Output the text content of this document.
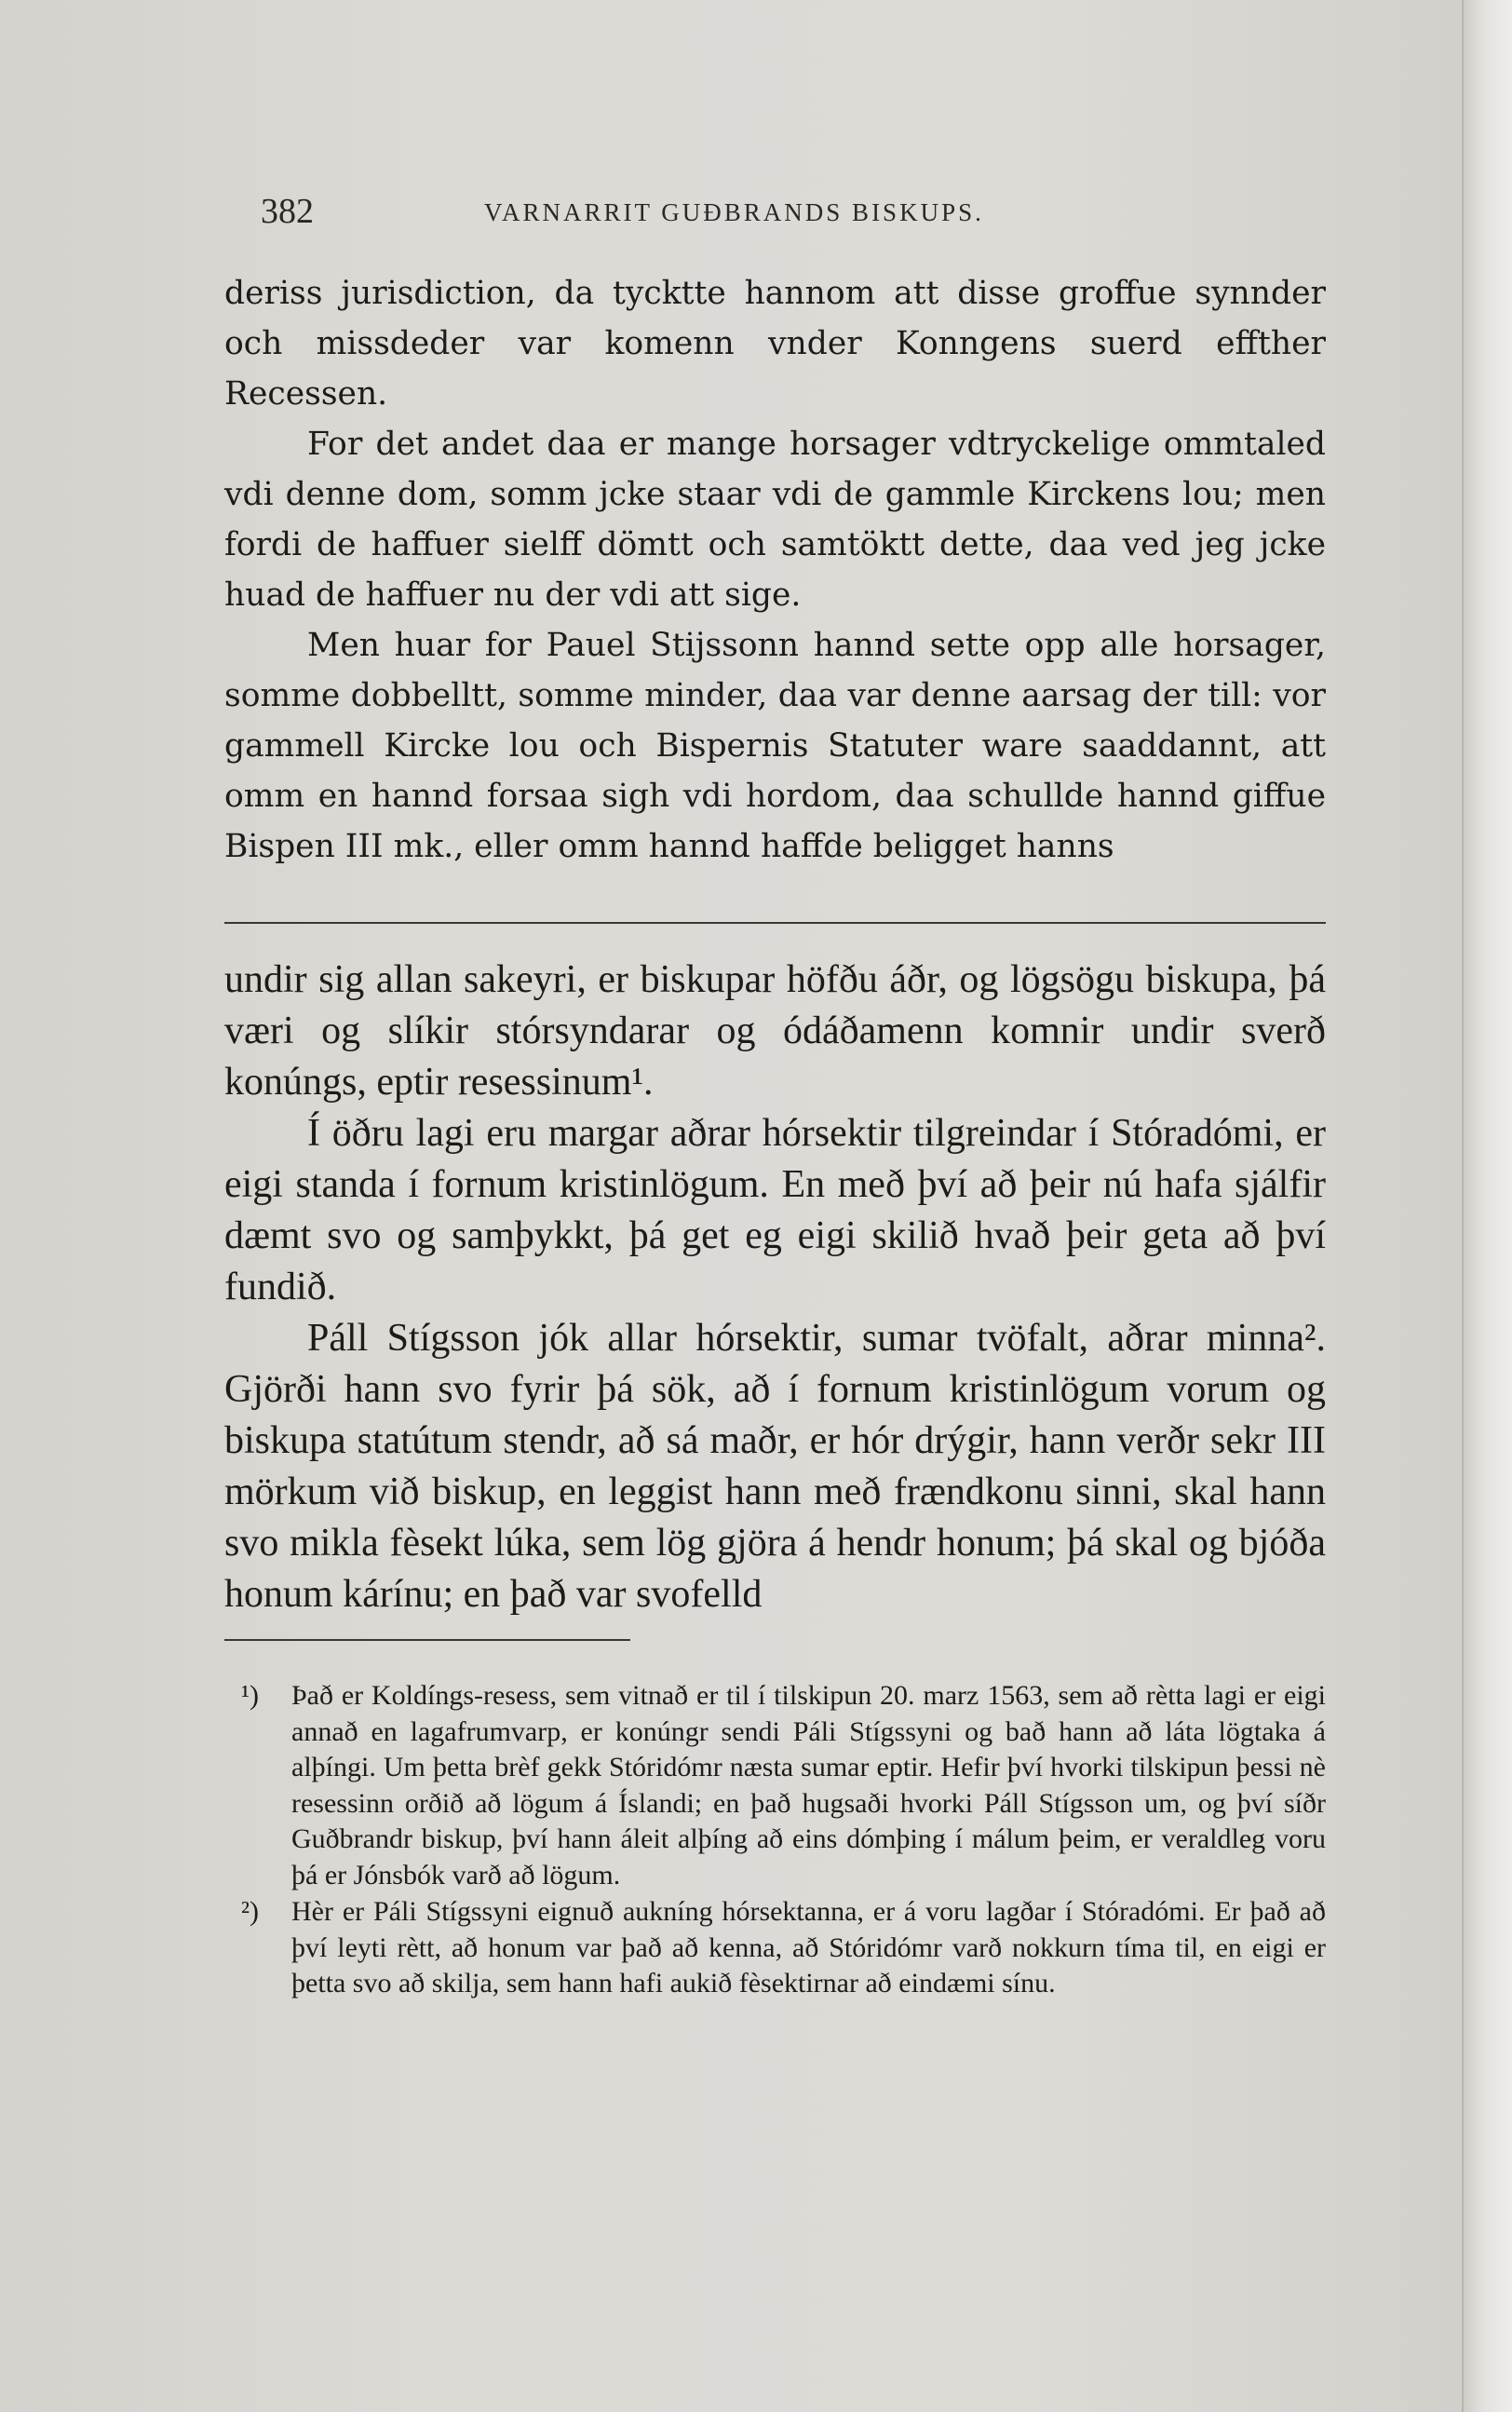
382	VARNARRIT GUÐBRANDS BISKUPS.

deriss jurisdiction, da tycktte hannom att disse groffue synnder och missdeder var komenn vnder Konngens suerd effther Recessen.

For det andet daa er mange horsager vdtryckelige ommtaled vdi denne dom, somm jcke staar vdi de gammle Kirckens lou; men fordi de haffuer sielff dömtt och samtöktt dette, daa ved jeg jcke huad de haffuer nu der vdi att sige.

Men huar for Pauel Stijssonn hannd sette opp alle horsager, somme dobbelltt, somme minder, daa var denne aarsag der till: vor gammell Kircke lou och Bispernis Statuter ware saaddannt, att omm en hannd forsaa sigh vdi hordom, daa schullde hannd giffue Bispen III mk., eller omm hannd haffde beligget hanns

undir sig allan sakeyri, er biskupar höfðu áðr, og lögsögu biskupa, þá væri og slíkir stórsyndarar og ódáðamenn komnir undir sverð konúngs, eptir resessinum¹.

Í öðru lagi eru margar aðrar hórsektir tilgreindar í Stóradómi, er eigi standa í fornum kristinlögum. En með því að þeir nú hafa sjálfir dæmt svo og samþykkt, þá get eg eigi skilið hvað þeir geta að því fundið.

Páll Stígsson jók allar hórsektir, sumar tvöfalt, aðrar minna². Gjörði hann svo fyrir þá sök, að í fornum kristinlögum vorum og biskupa statútum stendr, að sá maðr, er hór drýgir, hann verðr sekr III mörkum við biskup, en leggist hann með frændkonu sinni, skal hann svo mikla fèsekt lúka, sem lög gjöra á hendr honum; þá skal og bjóða honum kárínu; en það var svofelld

¹) Það er Koldíngs-resess, sem vitnað er til í tilskipun 20. marz 1563, sem að rètta lagi er eigi annað en lagafrumvarp, er konúngr sendi Páli Stígssyni og bað hann að láta lögtaka á alþíngi. Um þetta brèf gekk Stóridómr næsta sumar eptir. Hefir því hvorki tilskipun þessi nè resessinn orðið að lögum á Íslandi; en það hugsaði hvorki Páll Stígsson um, og því síðr Guðbrandr biskup, því hann áleit alþíng að eins dómþing í málum þeim, er veraldleg voru þá er Jónsbók varð að lögum.

²) Hèr er Páli Stígssyni eignuð aukníng hórsektanna, er á voru lagðar í Stóradómi. Er það að því leyti rètt, að honum var það að kenna, að Stóridómr varð nokkurn tíma til, en eigi er þetta svo að skilja, sem hann hafi aukið fèsektirnar að eindæmi sínu.
